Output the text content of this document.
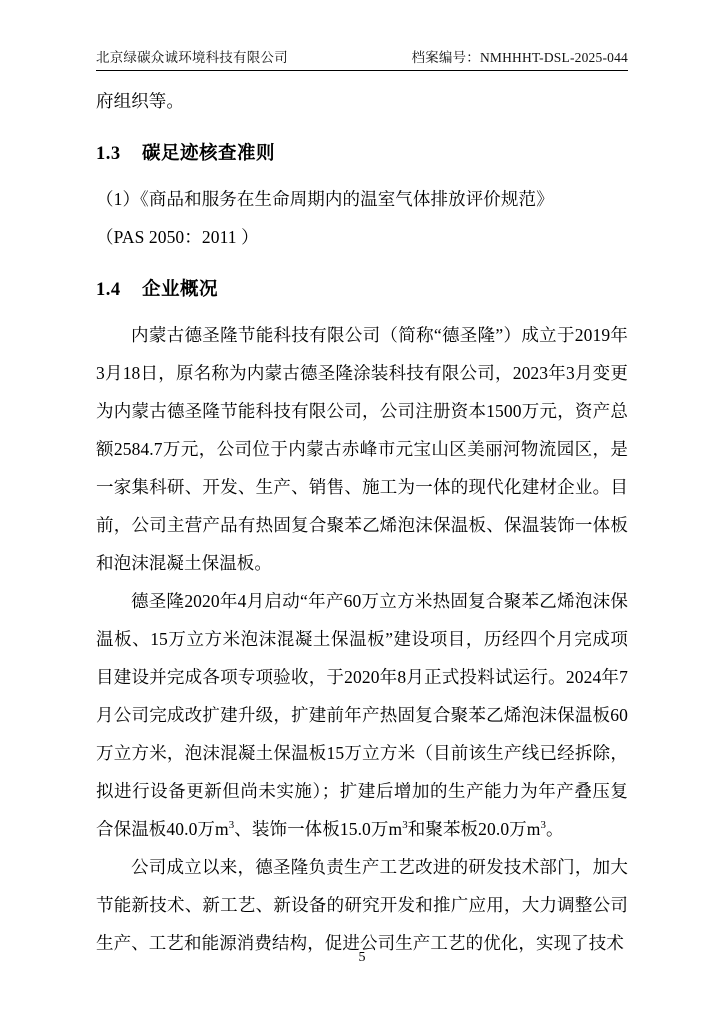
北京绿碳众诚环境科技有限公司	档案编号：NMHHHT-DSL-2025-044

府组织等。

1.3 碳足迹核查准则

（1）《商品和服务在生命周期内的温室气体排放评价规范》

（PAS 2050：2011 ）

1.4 企业概况

内蒙古德圣隆节能科技有限公司（简称“德圣隆”）成立于2019年3月18日，原名称为内蒙古德圣隆涂装科技有限公司，2023年3月变更为内蒙古德圣隆节能科技有限公司，公司注册资本1500万元，资产总额2584.7万元，公司位于内蒙古赤峰市元宝山区美丽河物流园区，是一家集科研、开发、生产、销售、施工为一体的现代化建材企业。目前，公司主营产品有热固复合聚苯乙烯泡沫保温板、保温装饰一体板和泡沫混凝土保温板。

德圣隆2020年4月启动“年产60万立方米热固复合聚苯乙烯泡沫保温板、15万立方米泡沫混凝土保温板”建设项目，历经四个月完成项目建设并完成各项专项验收，于2020年8月正式投料试运行。2024年7月公司完成改扩建升级，扩建前年产热固复合聚苯乙烯泡沫保温板60万立方米，泡沫混凝土保温板15万立方米（目前该生产线已经拆除，拟进行设备更新但尚未实施）；扩建后增加的生产能力为年产叠压复合保温板40.0万$m^3$、装饰一体板15.0万$m^3$和聚苯板20.0万$m^3$。

公司成立以来，德圣隆负责生产工艺改进的研发技术部门，加大节能新技术、新工艺、新设备的研究开发和推广应用，大力调整公司生产、工艺和能源消费结构，促进公司生产工艺的优化，实现了技术

5
